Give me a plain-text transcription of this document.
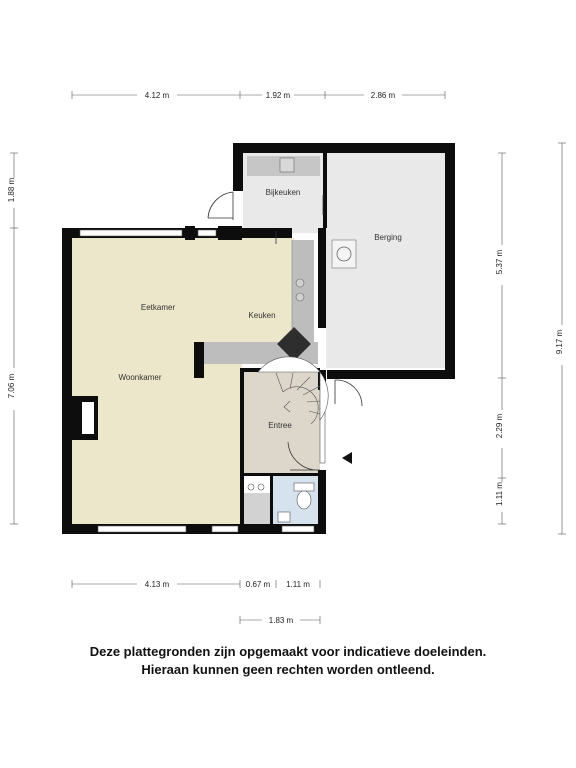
Bijkeuken
Berging
Eetkamer
Keuken
Woonkamer
Entree
4.12 m	1.92 m	2.86 m
1.88 m
7.06 m
5.37 m
9.17 m
2.29 m
1.11 m
4.13 m	0.67 m 1.11 m
1.83 m
Deze plattegronden zijn opgemaakt voor indicatieve doeleinden.
Hieraan kunnen geen rechten worden ontleend.
